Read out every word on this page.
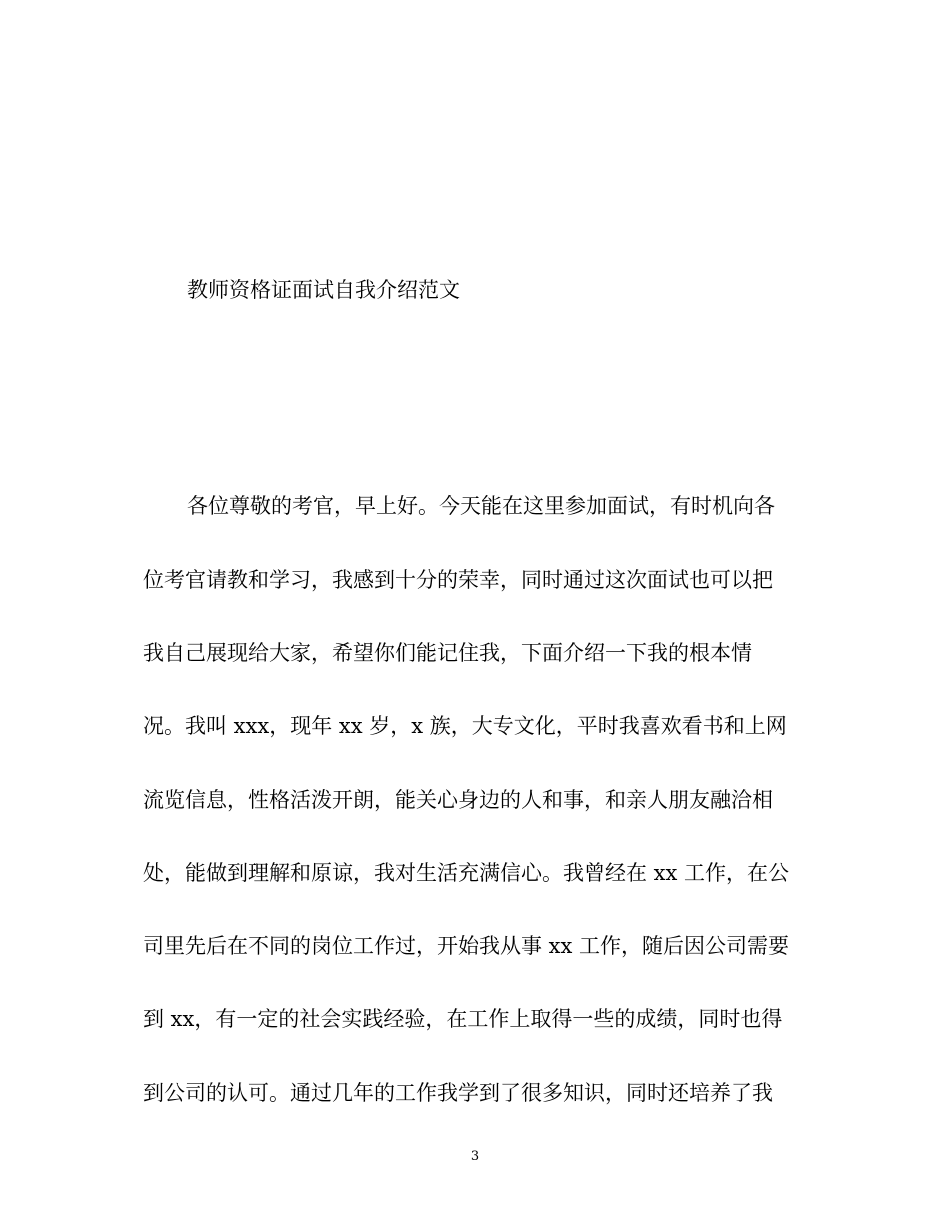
教师资格证面试自我介绍范文

各位尊敬的考官，早上好。今天能在这里参加面试，有时机向各

位考官请教和学习，我感到十分的荣幸，同时通过这次面试也可以把

我自己展现给大家，希望你们能记住我，下面介绍一下我的根本情

况。我叫 xxx，现年 xx 岁，x 族，大专文化，平时我喜欢看书和上网

流览信息，性格活泼开朗，能关心身边的人和事，和亲人朋友融洽相

处，能做到理解和原谅，我对生活充满信心。我曾经在 xx 工作，在公

司里先后在不同的岗位工作过，开始我从事 xx 工作，随后因公司需要

到 xx，有一定的社会实践经验，在工作上取得一些的成绩，同时也得

到公司的认可。通过几年的工作我学到了很多知识，同时还培养了我

3
